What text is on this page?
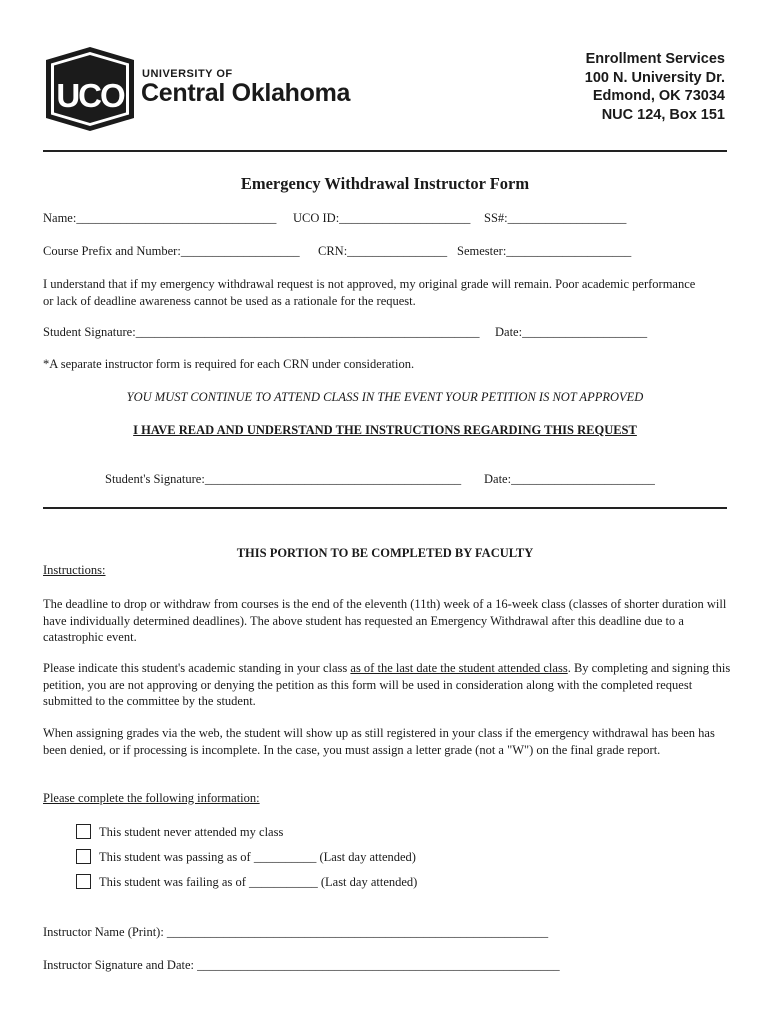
UCO
UNIVERSITY OF
Central Oklahoma
TM
Enrollment Services
100 N. University Dr.
Edmond, OK 73034
NUC 124, Box 151
Emergency Withdrawal Instructor Form
Name:________________________________ UCO ID:_____________________ SS#:___________________
Course Prefix and Number:___________________ CRN:________________ Semester:____________________
I understand that if my emergency withdrawal request is not approved, my original grade will remain. Poor academic performance or lack of deadline awareness cannot be used as a rationale for the request.
Student Signature:_______________________________________________________ Date:____________________
*A separate instructor form is required for each CRN under consideration.
YOU MUST CONTINUE TO ATTEND CLASS IN THE EVENT YOUR PETITION IS NOT APPROVED
I HAVE READ AND UNDERSTAND THE INSTRUCTIONS REGARDING THIS REQUEST
Student's Signature:_________________________________________ Date:_______________________
THIS PORTION TO BE COMPLETED BY FACULTY
Instructions:
The deadline to drop or withdraw from courses is the end of the eleventh (11th) week of a 16-week class (classes of shorter duration will have individually determined deadlines). The above student has requested an Emergency Withdrawal after this deadline due to a catastrophic event.
Please indicate this student's academic standing in your class as of the last date the student attended class. By completing and signing this petition, you are not approving or denying the petition as this form will be used in consideration along with the completed request submitted to the committee by the student.
When assigning grades via the web, the student will show up as still registered in your class if the emergency withdrawal has been has been denied, or if processing is incomplete. In the case, you must assign a letter grade (not a "W") on the final grade report.
Please complete the following information:
This student never attended my class
This student was passing as of __________ (Last day attended)
This student was failing as of ___________ (Last day attended)
Instructor Name (Print): _____________________________________________________________
Instructor Signature and Date: __________________________________________________________
